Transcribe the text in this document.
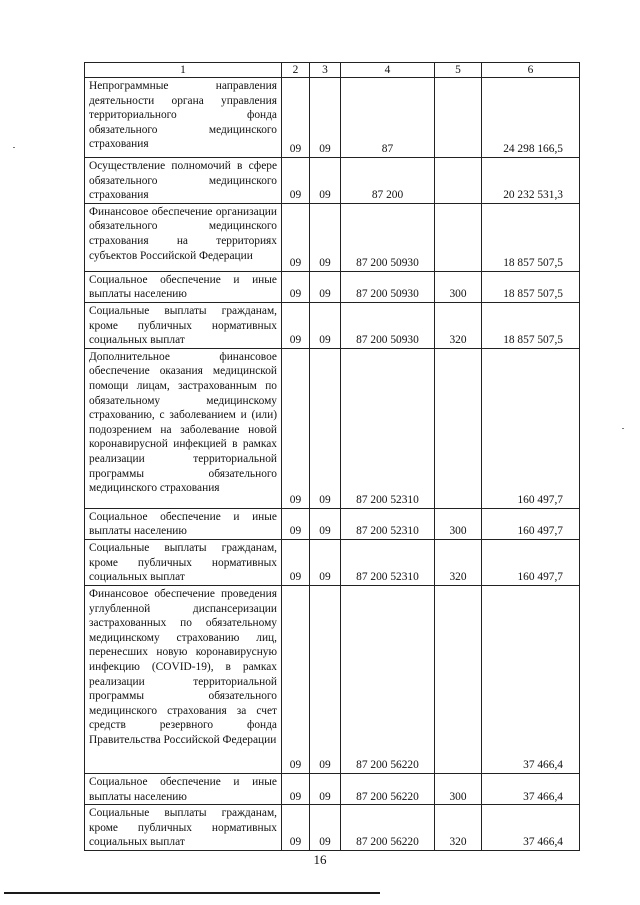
1	2	3	4	5	6
Непрограммные направления деятельности органа управления территориального фонда обязательного медицинского страхования	09	09	87		24 298 166,5
Осуществление полномочий в сфере обязательного медицинского страхования	09	09	87 200		20 232 531,3
Финансовое обеспечение организации обязательного медицинского страхования на территориях субъектов Российской Федерации	09	09	87 200 50930		18 857 507,5
Социальное обеспечение и иные выплаты населению	09	09	87 200 50930	300	18 857 507,5
Социальные выплаты гражданам, кроме публичных нормативных социальных выплат	09	09	87 200 50930	320	18 857 507,5
Дополнительное финансовое обеспечение оказания медицинской помощи лицам, застрахованным по обязательному медицинскому страхованию, с заболеванием и (или) подозрением на заболевание новой коронавирусной инфекцией в рамках реализации территориальной программы обязательного медицинского страхования	09	09	87 200 52310		160 497,7
Социальное обеспечение и иные выплаты населению	09	09	87 200 52310	300	160 497,7
Социальные выплаты гражданам, кроме публичных нормативных социальных выплат	09	09	87 200 52310	320	160 497,7
Финансовое обеспечение проведения углубленной диспансеризации застрахованных по обязательному медицинскому страхованию лиц, перенесших новую коронавирусную инфекцию (COVID-19), в рамках реализации территориальной программы обязательного медицинского страхования за счет средств резервного фонда Правительства Российской Федерации	09	09	87 200 56220		37 466,4
Социальное обеспечение и иные выплаты населению	09	09	87 200 56220	300	37 466,4
Социальные выплаты гражданам, кроме публичных нормативных социальных выплат	09	09	87 200 56220	320	37 466,4
16
